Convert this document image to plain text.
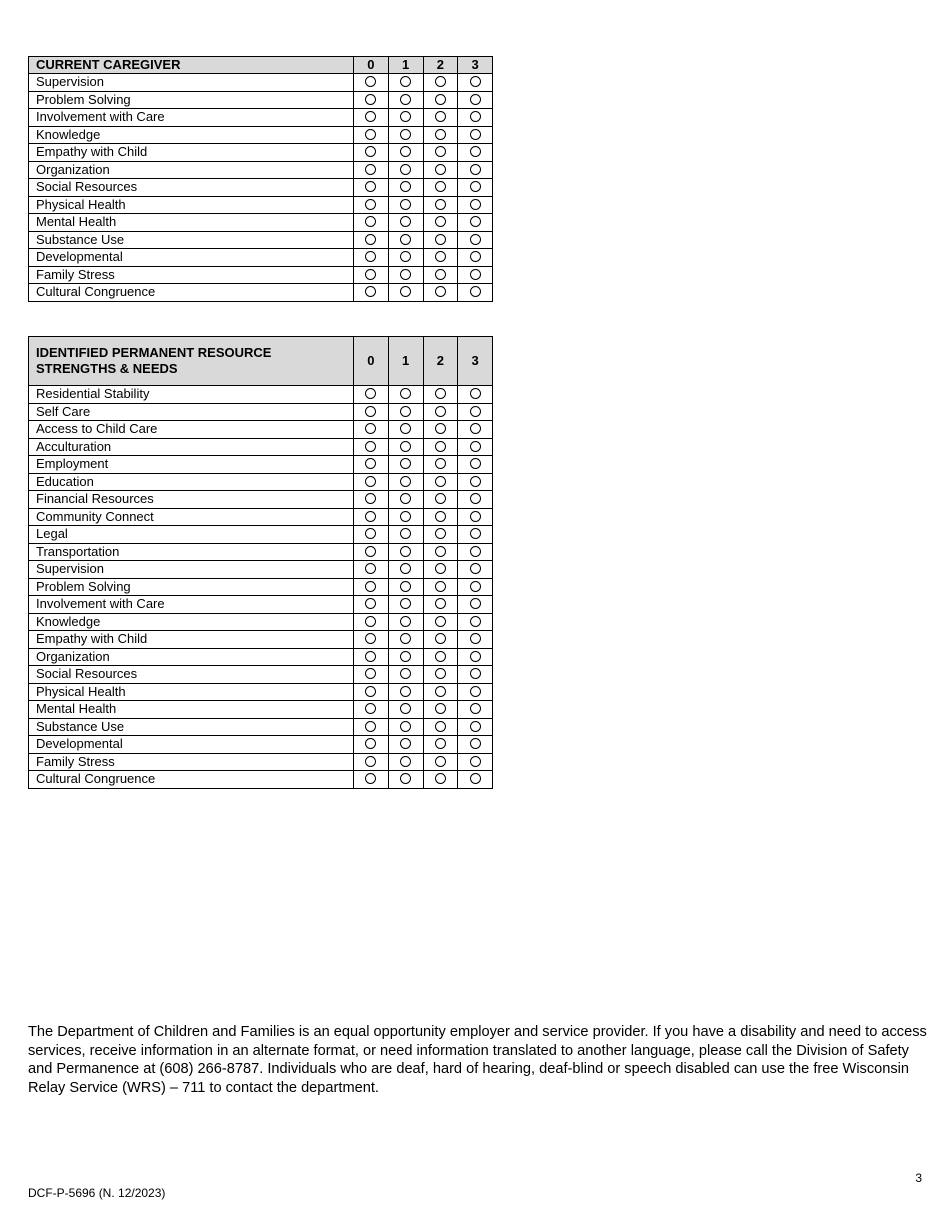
CURRENT CAREGIVER	0	1	2	3
Supervision				
Problem Solving				
Involvement with Care				
Knowledge				
Empathy with Child				
Organization				
Social Resources				
Physical Health				
Mental Health				
Substance Use				
Developmental				
Family Stress				
Cultural Congruence				
IDENTIFIED PERMANENT RESOURCE
STRENGTHS & NEEDS	0	1	2	3
Residential Stability				
Self Care				
Access to Child Care				
Acculturation				
Employment				
Education				
Financial Resources				
Community Connect				
Legal				
Transportation				
Supervision				
Problem Solving				
Involvement with Care				
Knowledge				
Empathy with Child				
Organization				
Social Resources				
Physical Health				
Mental Health				
Substance Use				
Developmental				
Family Stress				
Cultural Congruence				
The Department of Children and Families is an equal opportunity employer and service provider. If you have a disability and need to access services, receive information in an alternate format, or need information translated to another language, please call the Division of Safety and Permanence at (608) 266-8787. Individuals who are deaf, hard of hearing, deaf-blind or speech disabled can use the free Wisconsin Relay Service (WRS) – 711 to contact the department.
3
DCF-P-5696 (N. 12/2023)
